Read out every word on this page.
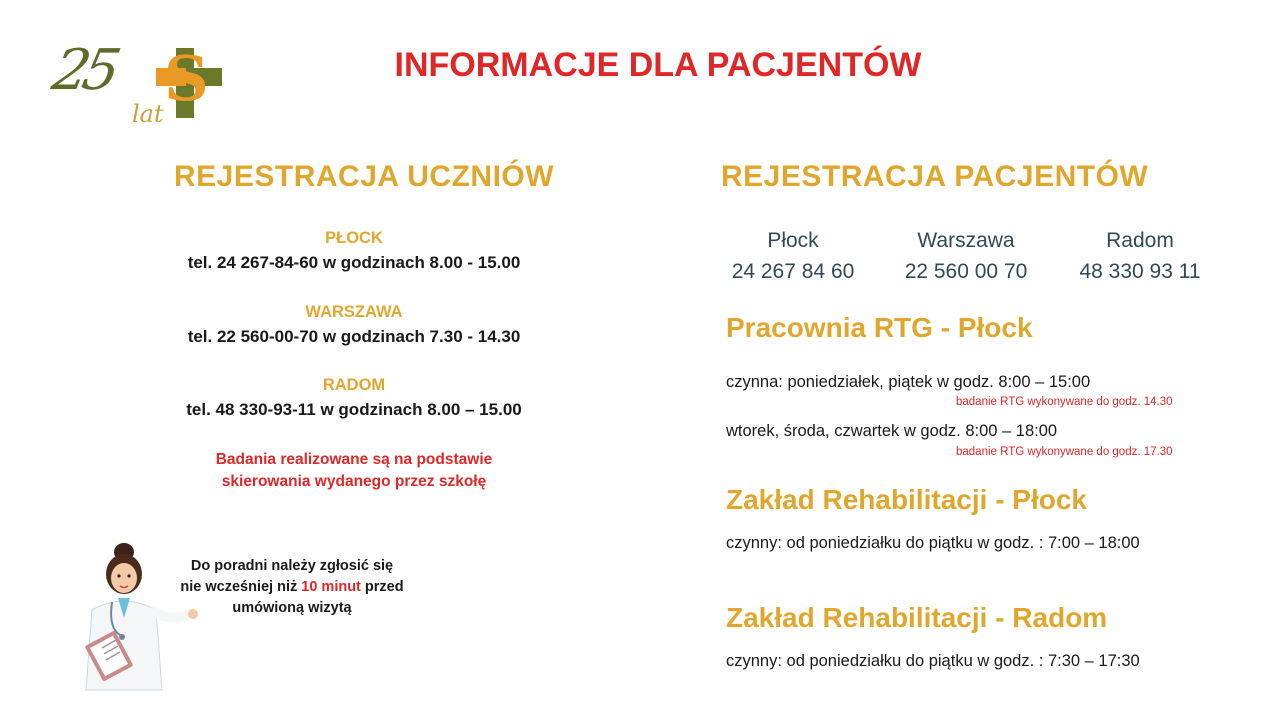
25
lat S	INFORMACJE DLA PACJENTÓW
REJESTRACJA UCZNIÓW
PŁOCK
tel. 24 267-84-60 w godzinach 8.00 - 15.00
WARSZAWA
tel. 22 560-00-70 w godzinach 7.30 - 14.30
RADOM
tel. 48 330-93-11 w godzinach 8.00 – 15.00
Badania realizowane są na podstawie
skierowania wydanego przez szkołę
Do poradni należy zgłosić się
nie wcześniej niż 10 minut przed
umówioną wizytą
REJESTRACJA PACJENTÓW
Płock
24 267 84 60
Warszawa
22 560 00 70
Radom
48 330 93 11
Pracownia RTG - Płock
czynna: poniedziałek, piątek w godz. 8:00 – 15:00
badanie RTG wykonywane do godz. 14.30
wtorek, środa, czwartek w godz. 8:00 – 18:00
badanie RTG wykonywane do godz. 17.30
Zakład Rehabilitacji - Płock
czynny: od poniedziałku do piątku w godz. : 7:00 – 18:00
Zakład Rehabilitacji - Radom
czynny: od poniedziałku do piątku w godz. : 7:30 – 17:30
